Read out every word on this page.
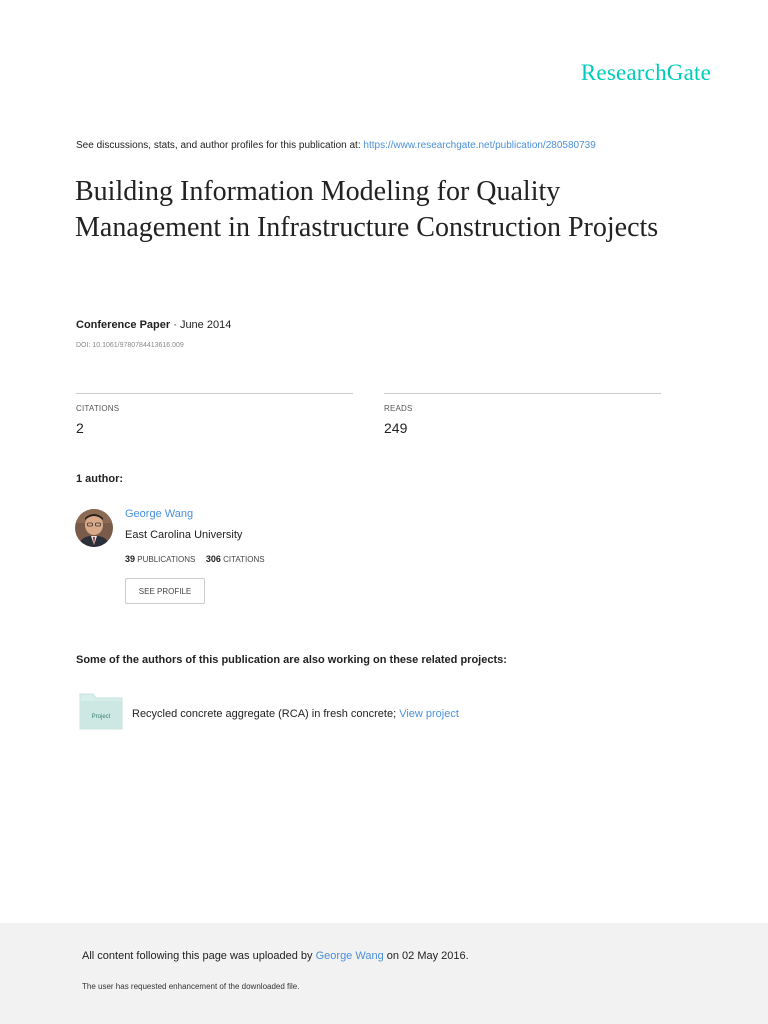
ResearchGate
See discussions, stats, and author profiles for this publication at: https://www.researchgate.net/publication/280580739
Building Information Modeling for Quality Management in Infrastructure Construction Projects
Conference Paper · June 2014
DOI: 10.1061/9780784413616.009
CITATIONS
2
READS
249
1 author:
George Wang
East Carolina University
39 PUBLICATIONS 306 CITATIONS
SEE PROFILE
Some of the authors of this publication are also working on these related projects:
Project Recycled concrete aggregate (RCA) in fresh concrete; View project
All content following this page was uploaded by George Wang on 02 May 2016.
The user has requested enhancement of the downloaded file.
